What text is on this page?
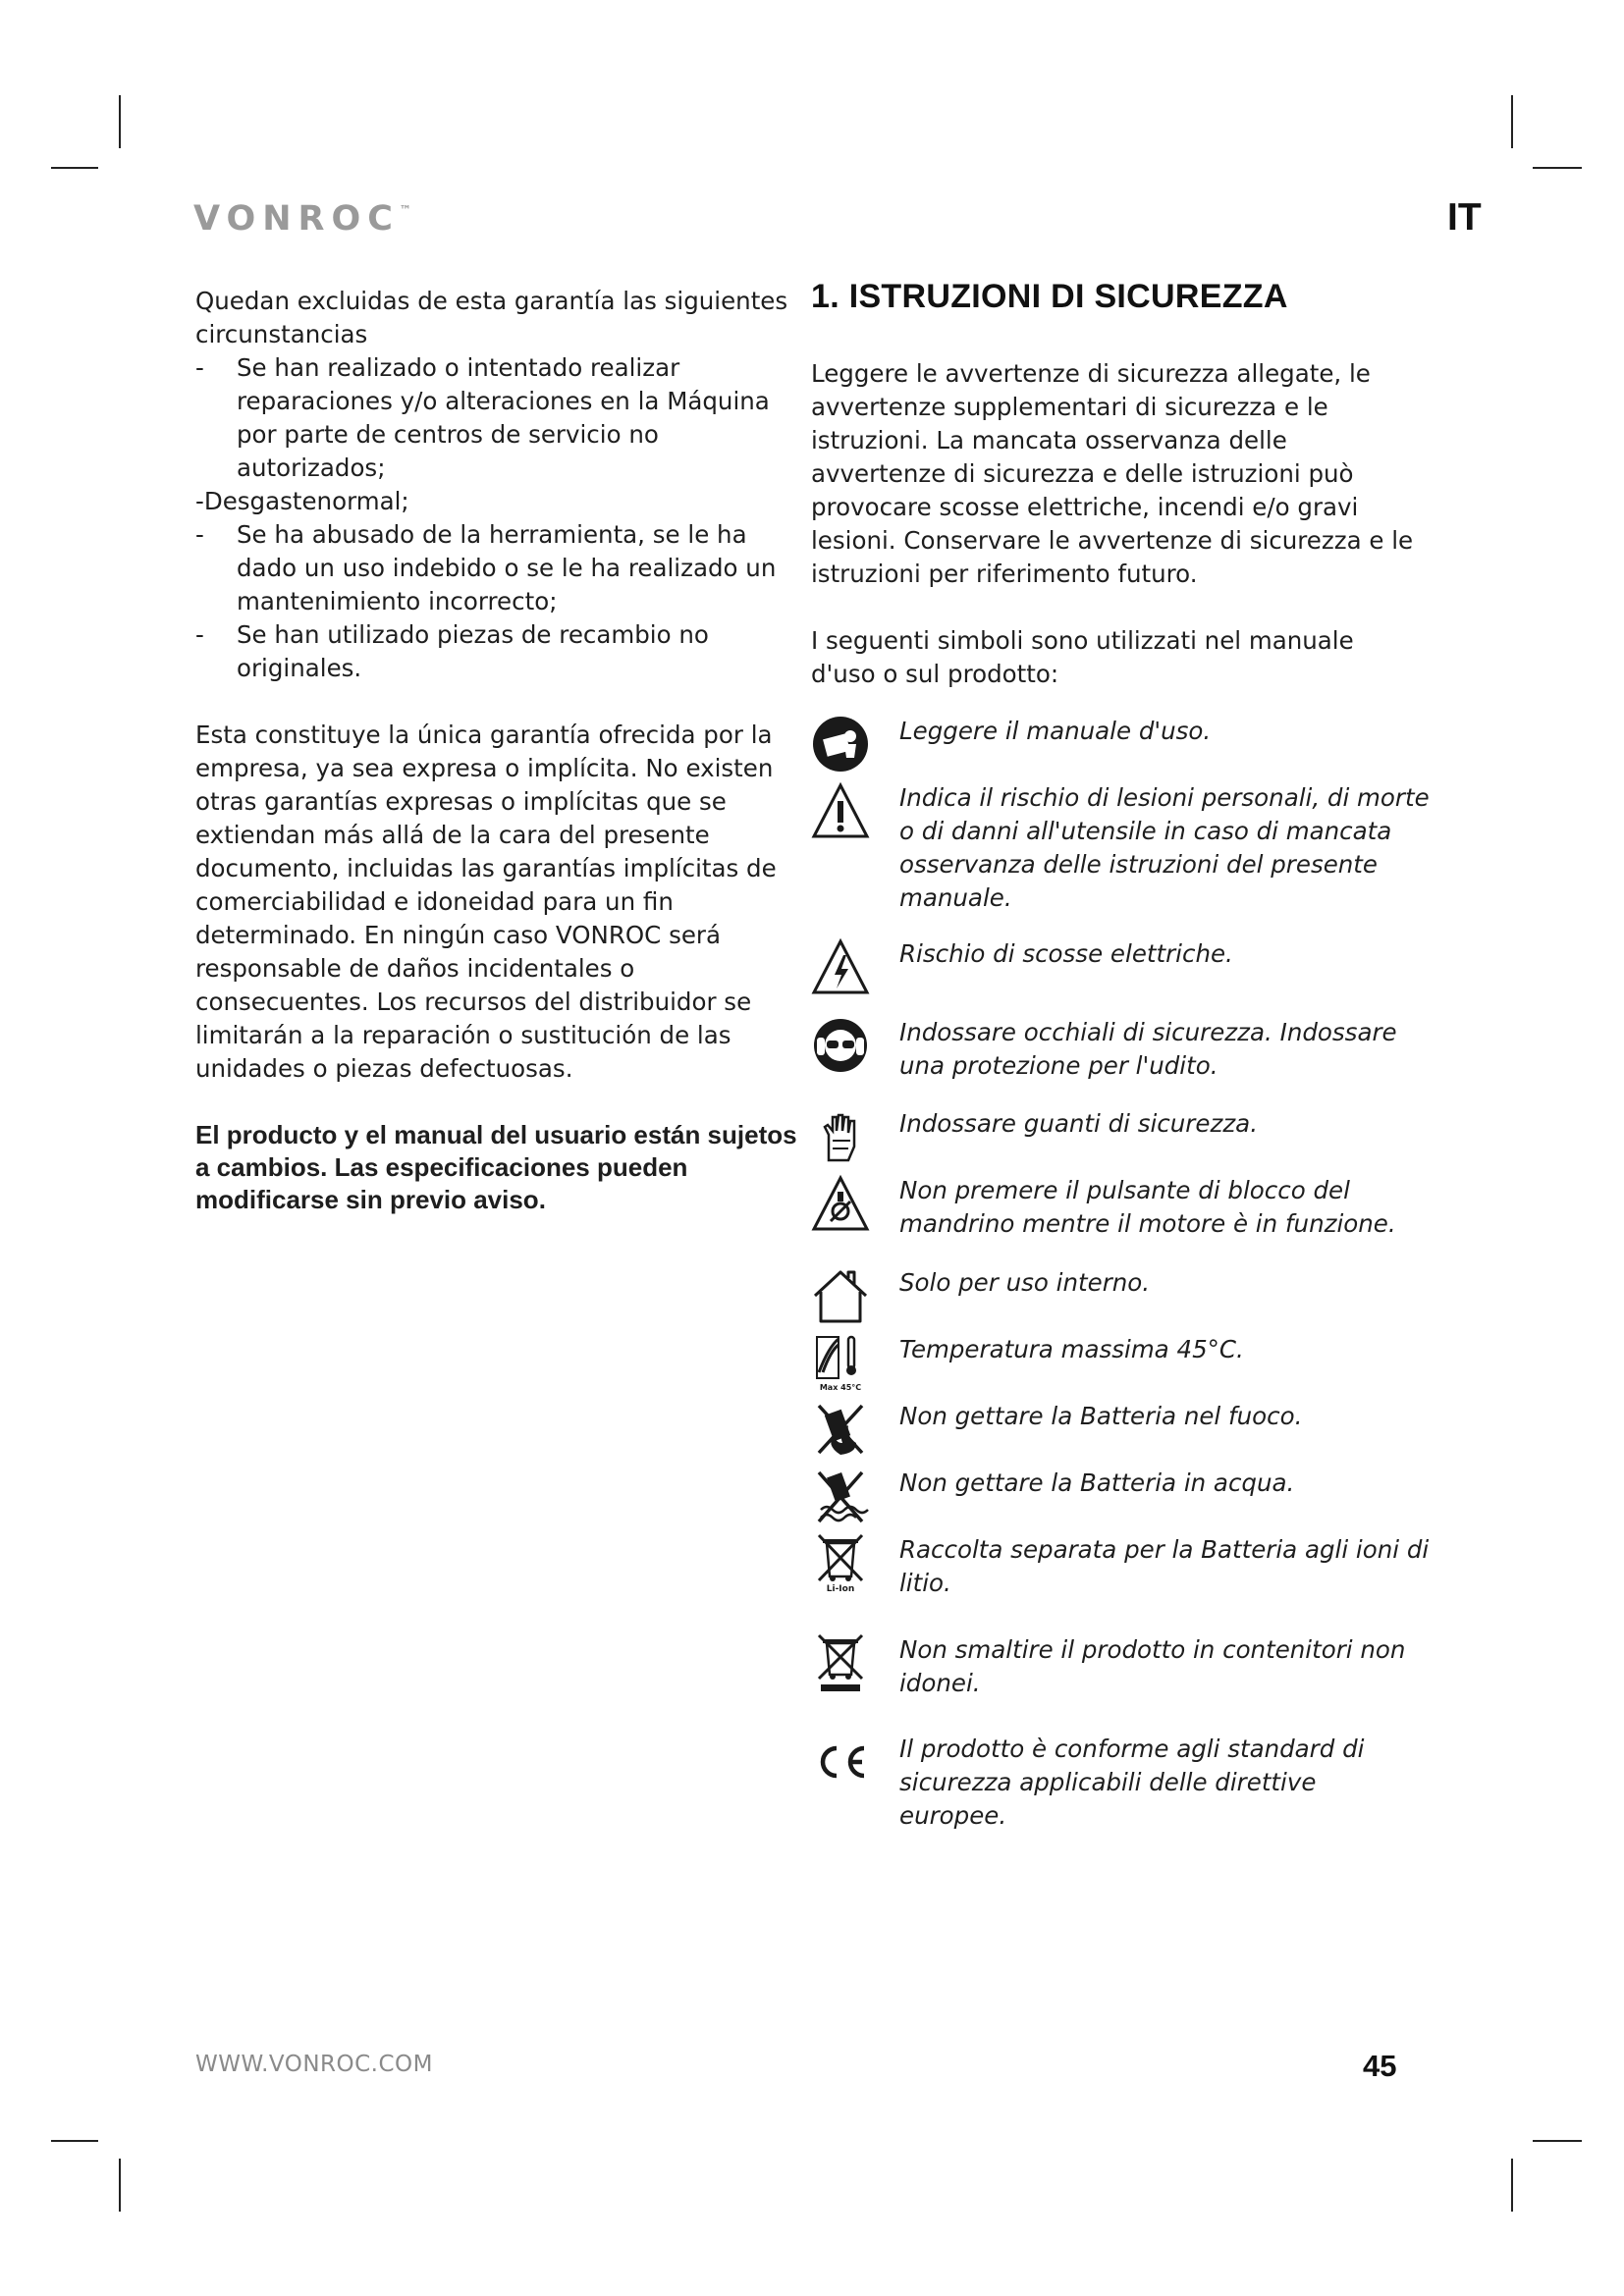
VONROC™	IT

Quedan excluidas de esta garantía las siguientes circunstancias

- Se han realizado o intentado realizar reparaciones y/o alteraciones en la Máquina por parte de centros de servicio no autorizados;
-Desgastenormal;
- Se ha abusado de la herramienta, se le ha dado un uso indebido o se le ha realizado un mantenimiento incorrecto;
- Se han utilizado piezas de recambio no originales.

Esta constituye la única garantía ofrecida por la empresa, ya sea expresa o implícita. No existen otras garantías expresas o implícitas que se extiendan más allá de la cara del presente documento, incluidas las garantías implícitas de comerciabilidad e idoneidad para un fin determinado. En ningún caso VONROC será responsable de daños incidentales o consecuentes. Los recursos del distribuidor se limitarán a la reparación o sustitución de las unidades o piezas defectuosas.

El producto y el manual del usuario están sujetos a cambios. Las especificaciones pueden modificarse sin previo aviso.

1. ISTRUZIONI DI SICUREZZA

Leggere le avvertenze di sicurezza allegate, le avvertenze supplementari di sicurezza e le istruzioni. La mancata osservanza delle avvertenze di sicurezza e delle istruzioni può provocare scosse elettriche, incendi e/o gravi lesioni. Conservare le avvertenze di sicurezza e le istruzioni per riferimento futuro.

I seguenti simboli sono utilizzati nel manuale d'uso o sul prodotto:

Leggere il manuale d'uso.
Indica il rischio di lesioni personali, di morte o di danni all'utensile in caso di mancata osservanza delle istruzioni del presente manuale.
Rischio di scosse elettriche.
Indossare occhiali di sicurezza. Indossare una protezione per l'udito.
Indossare guanti di sicurezza.
Non premere il pulsante di blocco del mandrino mentre il motore è in funzione.
Solo per uso interno.
Max 45°C
Temperatura massima 45°C.
Non gettare la Batteria nel fuoco.
Non gettare la Batteria in acqua.
Li-Ion
Raccolta separata per la Batteria agli ioni di litio.
Non smaltire il prodotto in contenitori non idonei.
Il prodotto è conforme agli standard di sicurezza applicabili delle direttive europee.
WWW.VONROC.COM	45
